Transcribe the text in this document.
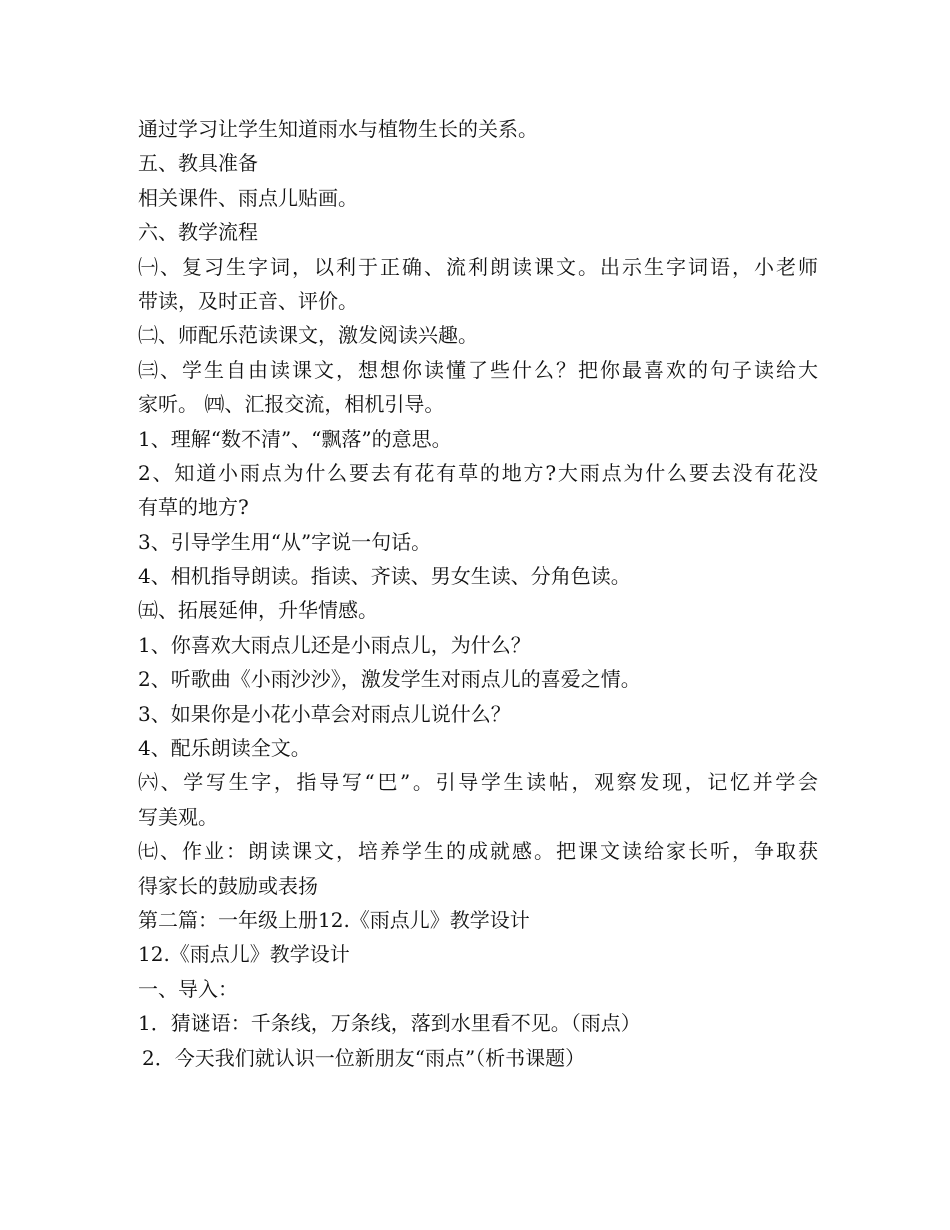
通过学习让学生知道雨水与植物生长的关系。
五、教具准备
相关课件、雨点儿贴画。
六、教学流程
㈠、复习生字词，以利于正确、流利朗读课文。出示生字词语，小老师
带读，及时正音、评价。
㈡、师配乐范读课文，激发阅读兴趣。
㈢、学生自由读课文，想想你读懂了些什么？把你最喜欢的句子读给大
家听。 ㈣、汇报交流，相机引导。
1、理解“数不清”、“飘落”的意思。
2、知道小雨点为什么要去有花有草的地方?大雨点为什么要去没有花没
有草的地方?
3、引导学生用“从”字说一句话。
4、相机指导朗读。指读、齐读、男女生读、分角色读。
㈤、拓展延伸，升华情感。
1、你喜欢大雨点儿还是小雨点儿，为什么？
2、听歌曲《小雨沙沙》，激发学生对雨点儿的喜爱之情。
3、如果你是小花小草会对雨点儿说什么？
4、配乐朗读全文。
㈥、学写生字，指导写“巴”。引导学生读帖，观察发现，记忆并学会
写美观。
㈦、作业：朗读课文，培养学生的成就感。把课文读给家长听，争取获
得家长的鼓励或表扬
第二篇：一年级上册12.《雨点儿》教学设计
12.《雨点儿》教学设计
一、导入：
1．猜谜语：千条线，万条线，落到水里看不见。（雨点）
2．今天我们就认识一位新朋友“雨点”（析书课题）
